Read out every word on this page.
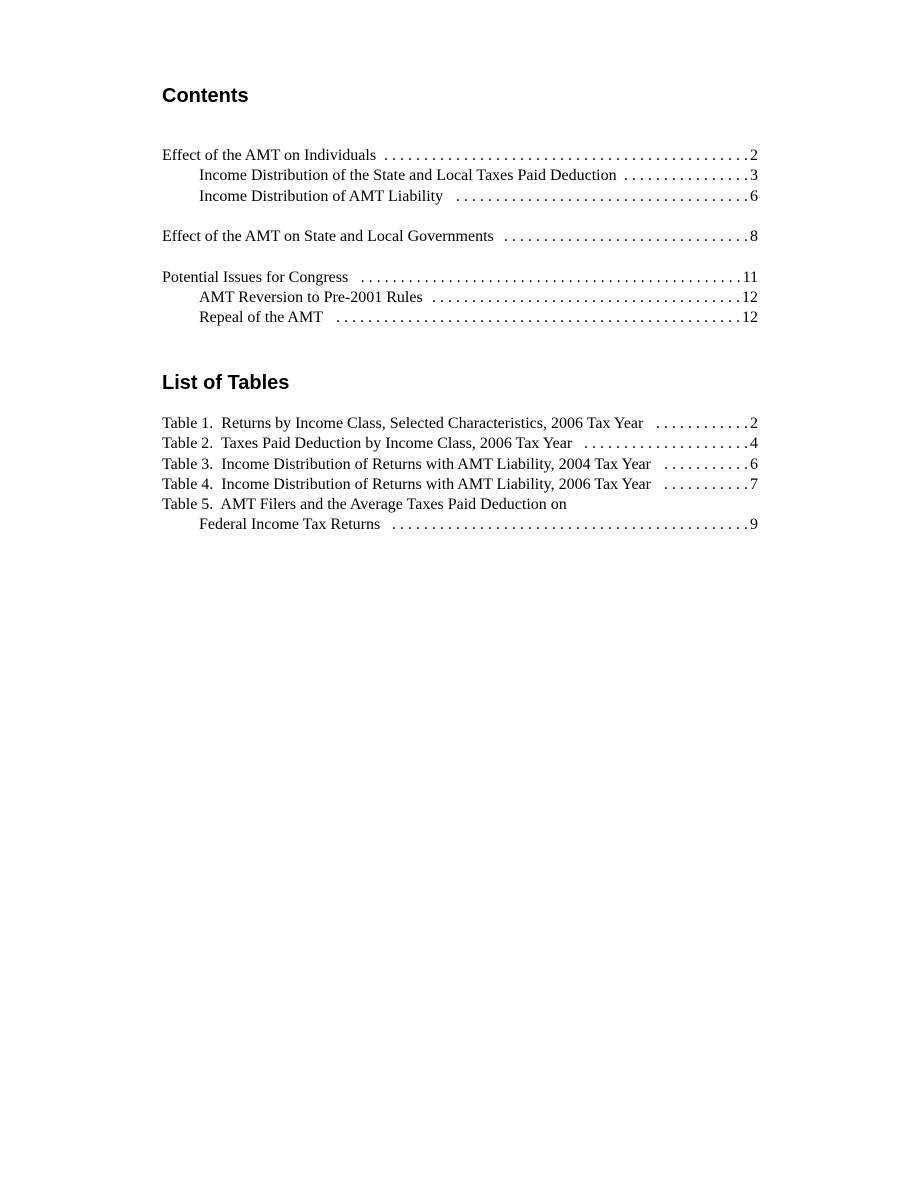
Contents
Effect of the AMT on Individuals . . .	2
Income Distribution of the State and Local Taxes Paid Deduction . . .	3
Income Distribution of AMT Liability . . .	6
Effect of the AMT on State and Local Governments . . .	8
Potential Issues for Congress . . .	11
AMT Reversion to Pre-2001 Rules . . .	12
Repeal of the AMT . . .	12
List of Tables
Table 1.  Returns by Income Class, Selected Characteristics, 2006 Tax Year . . .	2
Table 2.  Taxes Paid Deduction by Income Class, 2006 Tax Year . . .	4
Table 3.  Income Distribution of Returns with AMT Liability, 2004 Tax Year . . .	6
Table 4.  Income Distribution of Returns with AMT Liability, 2006 Tax Year . . .	7
Table 5.  AMT Filers and the Average Taxes Paid Deduction on
Federal Income Tax Returns . . .	9
